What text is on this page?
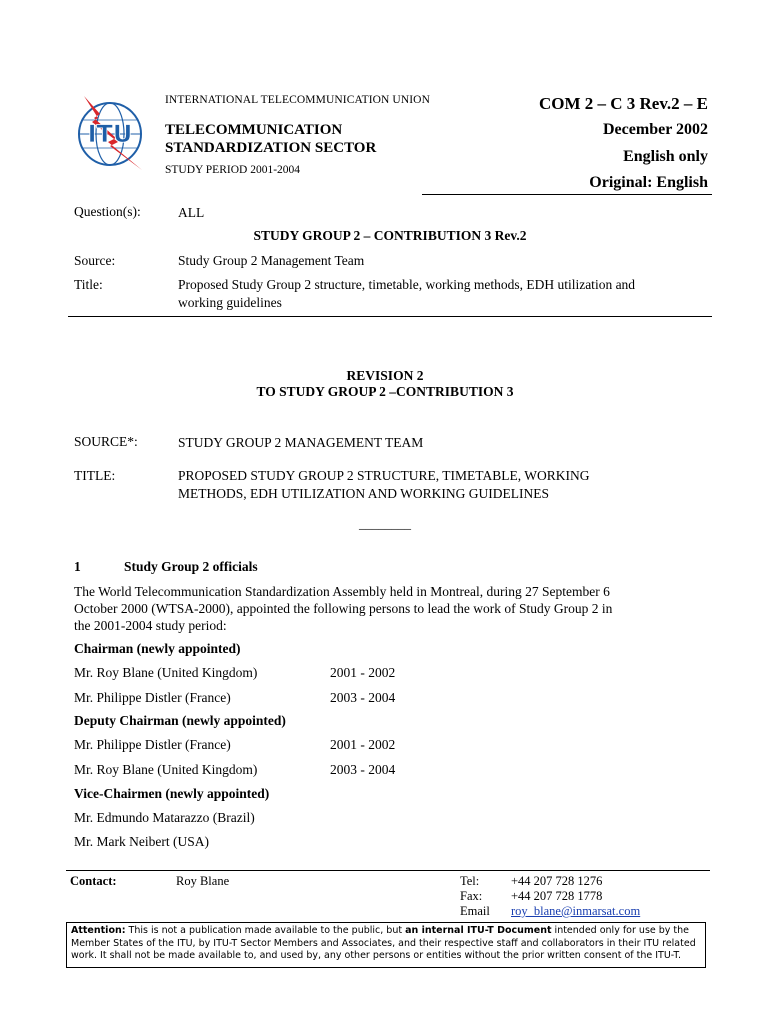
ITU
INTERNATIONAL TELECOMMUNICATION UNION
TELECOMMUNICATION
STANDARDIZATION SECTOR
STUDY PERIOD 2001-2004
COM 2 – C 3 Rev.2 – E
December 2002
English only
Original: English
Question(s):	ALL
STUDY GROUP 2 – CONTRIBUTION 3 Rev.2
Source:	Study Group 2 Management Team
Title:	Proposed Study Group 2 structure, timetable, working methods, EDH utilization and
working guidelines
REVISION 2
TO STUDY GROUP 2 –CONTRIBUTION 3
SOURCE*:	STUDY GROUP 2 MANAGEMENT TEAM
TITLE:	PROPOSED STUDY GROUP 2 STRUCTURE, TIMETABLE, WORKING
METHODS, EDH UTILIZATION AND WORKING GUIDELINES
________
1	Study Group 2 officials
The World Telecommunication Standardization Assembly held in Montreal, during 27 September 6
October 2000 (WTSA-2000), appointed the following persons to lead the work of Study Group 2 in
the 2001-2004 study period:
Chairman (newly appointed)
Mr. Roy Blane (United Kingdom)	2001 - 2002
Mr. Philippe Distler (France)	2003 - 2004
Deputy Chairman (newly appointed)
Mr. Philippe Distler (France)	2001 - 2002
Mr. Roy Blane (United Kingdom)	2003 - 2004
Vice-Chairmen (newly appointed)
Mr. Edmundo Matarazzo (Brazil)
Mr. Mark Neibert (USA)
Contact:	Roy Blane	Tel:	+44 207 728 1276
Fax: +44 207 728 1778
Email roy_blane@inmarsat.com
Attention: This is not a publication made available to the public, but an internal ITU-T Document intended only for use by the Member States of the ITU, by ITU-T Sector Members and Associates, and their respective staff and collaborators in their ITU related work. It shall not be made available to, and used by, any other persons or entities without the prior written consent of the ITU-T.
